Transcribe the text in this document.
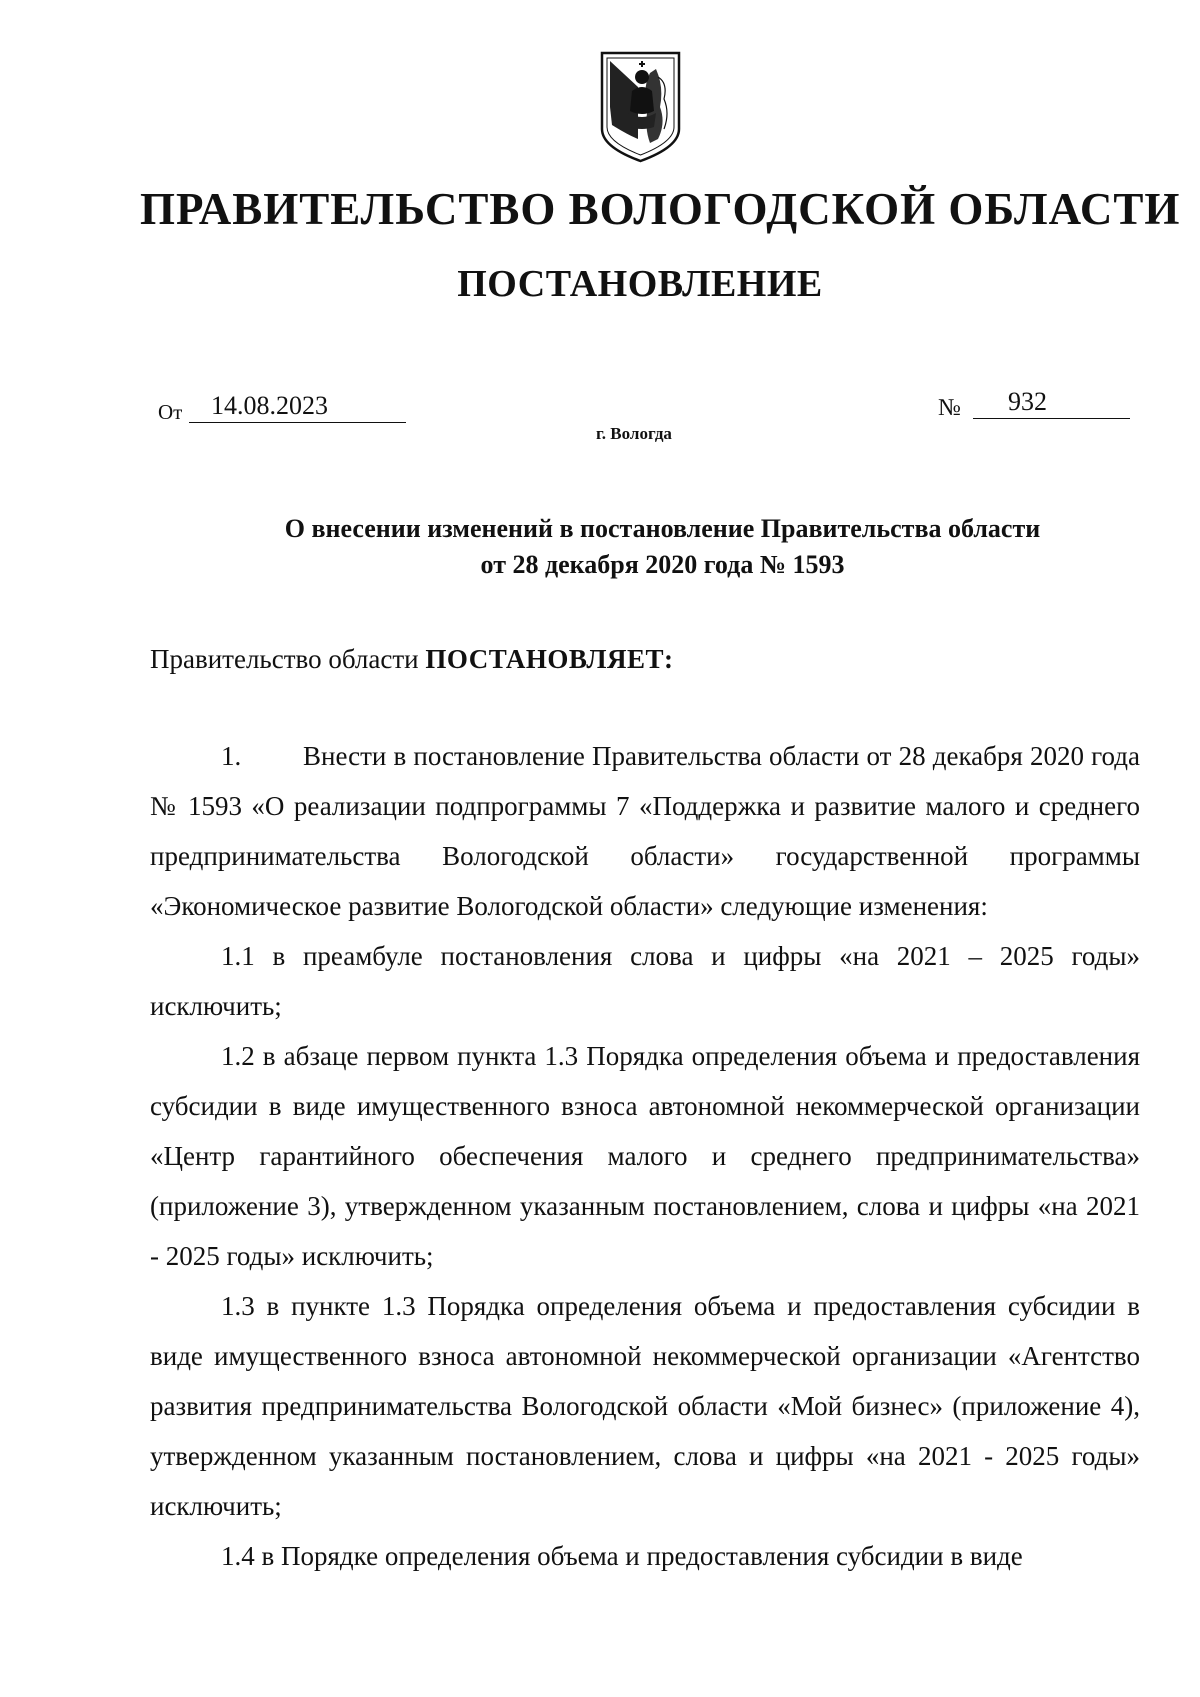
ПРАВИТЕЛЬСТВО ВОЛОГОДСКОЙ ОБЛАСТИ
ПОСТАНОВЛЕНИЕ
От	14.08.2023	№	932
г. Вологда
О внесении изменений в постановление Правительства области
от 28 декабря 2020 года № 1593
Правительство области ПОСТАНОВЛЯЕТ:

1. Внести в постановление Правительства области от 28 декабря 2020 года № 1593 «О реализации подпрограммы 7 «Поддержка и развитие малого и среднего предпринимательства Вологодской области» государственной программы «Экономическое развитие Вологодской области» следующие изменения:

1.1 в преамбуле постановления слова и цифры «на 2021 – 2025 годы» исключить;

1.2 в абзаце первом пункта 1.3 Порядка определения объема и предоставления субсидии в виде имущественного взноса автономной некоммерческой организации «Центр гарантийного обеспечения малого и среднего предпринимательства» (приложение 3), утвержденном указанным постановлением, слова и цифры «на 2021 - 2025 годы» исключить;

1.3 в пункте 1.3 Порядка определения объема и предоставления субсидии в виде имущественного взноса автономной некоммерческой организации «Агентство развития предпринимательства Вологодской области «Мой бизнес» (приложение 4), утвержденном указанным постановлением, слова и цифры «на 2021 - 2025 годы» исключить;

1.4 в Порядке определения объема и предоставления субсидии в виде
